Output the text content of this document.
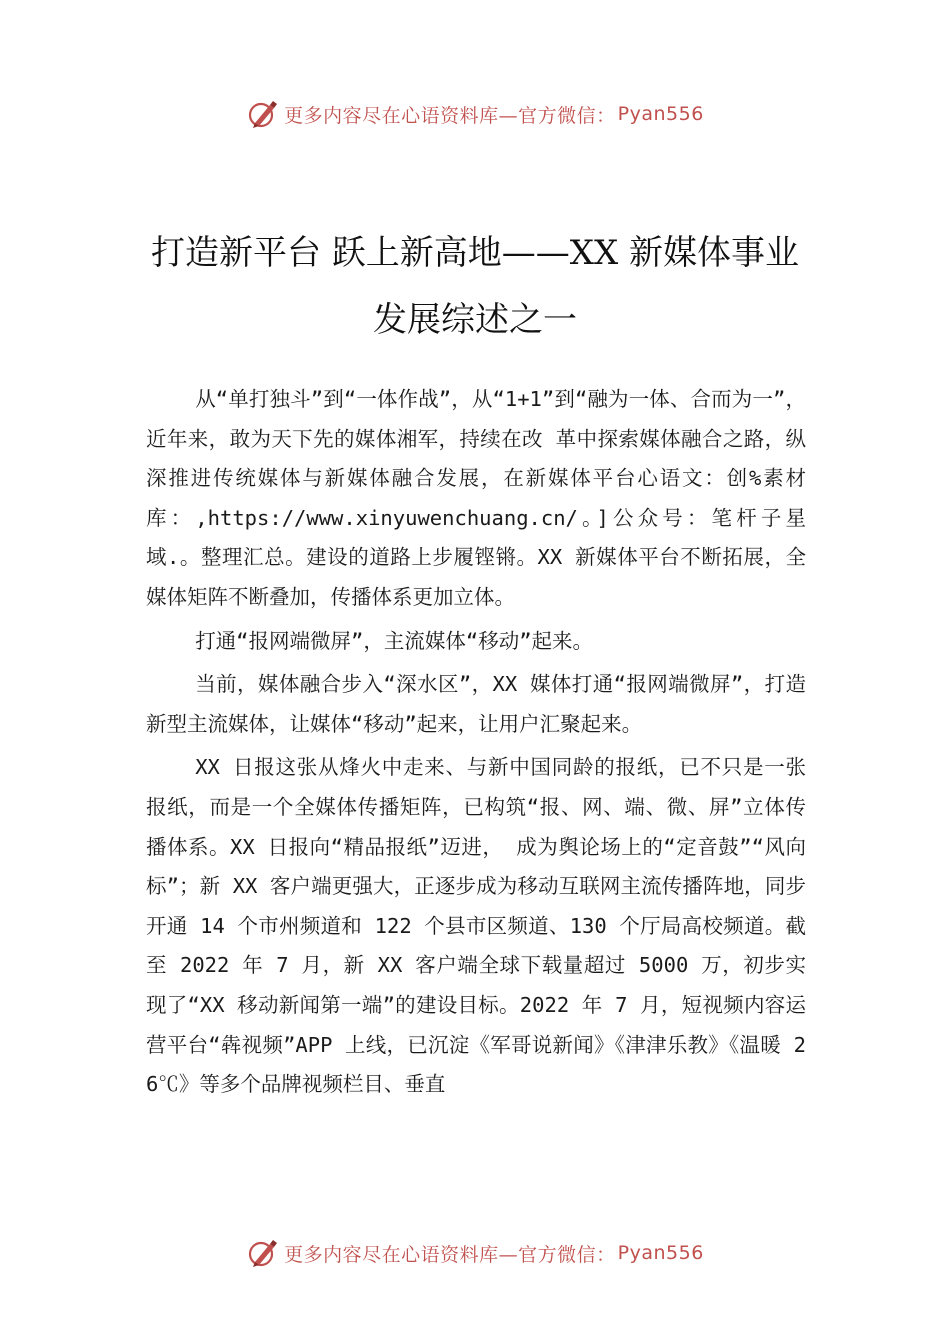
更多内容尽在心语资料库—官方微信： Pyan556
打造新平台 跃上新高地——XX 新媒体事业发展综述之一

从“单打独斗”到“一体作战”，从“1+1”到“融为一体、合而为一”，近年来，敢为天下先的媒体湘军，持续在改 革中探索媒体融合之路，纵深推进传统媒体与新媒体融合发展，在新媒体平台心语文：创%素材库：,https://www.xinyuwenchuang.cn/。]公众号：笔杆子星域.。整理汇总。建设的道路上步履铿锵。XX 新媒体平台不断拓展，全媒体矩阵不断叠加，传播体系更加立体。

打通“报网端微屏”，主流媒体“移动”起来。

当前，媒体融合步入“深水区”，XX 媒体打通“报网端微屏”，打造新型主流媒体，让媒体“移动”起来，让用户汇聚起来。

XX 日报这张从烽火中走来、与新中国同龄的报纸，已不只是一张报纸，而是一个全媒体传播矩阵，已构筑“报、网、端、微、屏”立体传播体系。XX 日报向“精品报纸”迈进， 成为舆论场上的“定音鼓”“风向标”；新 XX 客户端更强大，正逐步成为移动互联网主流传播阵地，同步开通 14 个市州频道和 122 个县市区频道、130 个厅局高校频道。截至 2022 年 7 月，新 XX 客户端全球下载量超过 5000 万，初步实现了“XX 移动新闻第一端”的建设目标。2022 年 7 月，短视频内容运营平台“犇视频”APP 上线，已沉淀《军哥说新闻》《津津乐教》《温暖 26℃》等多个品牌视频栏目、垂直

更多内容尽在心语资料库—官方微信： Pyan556
